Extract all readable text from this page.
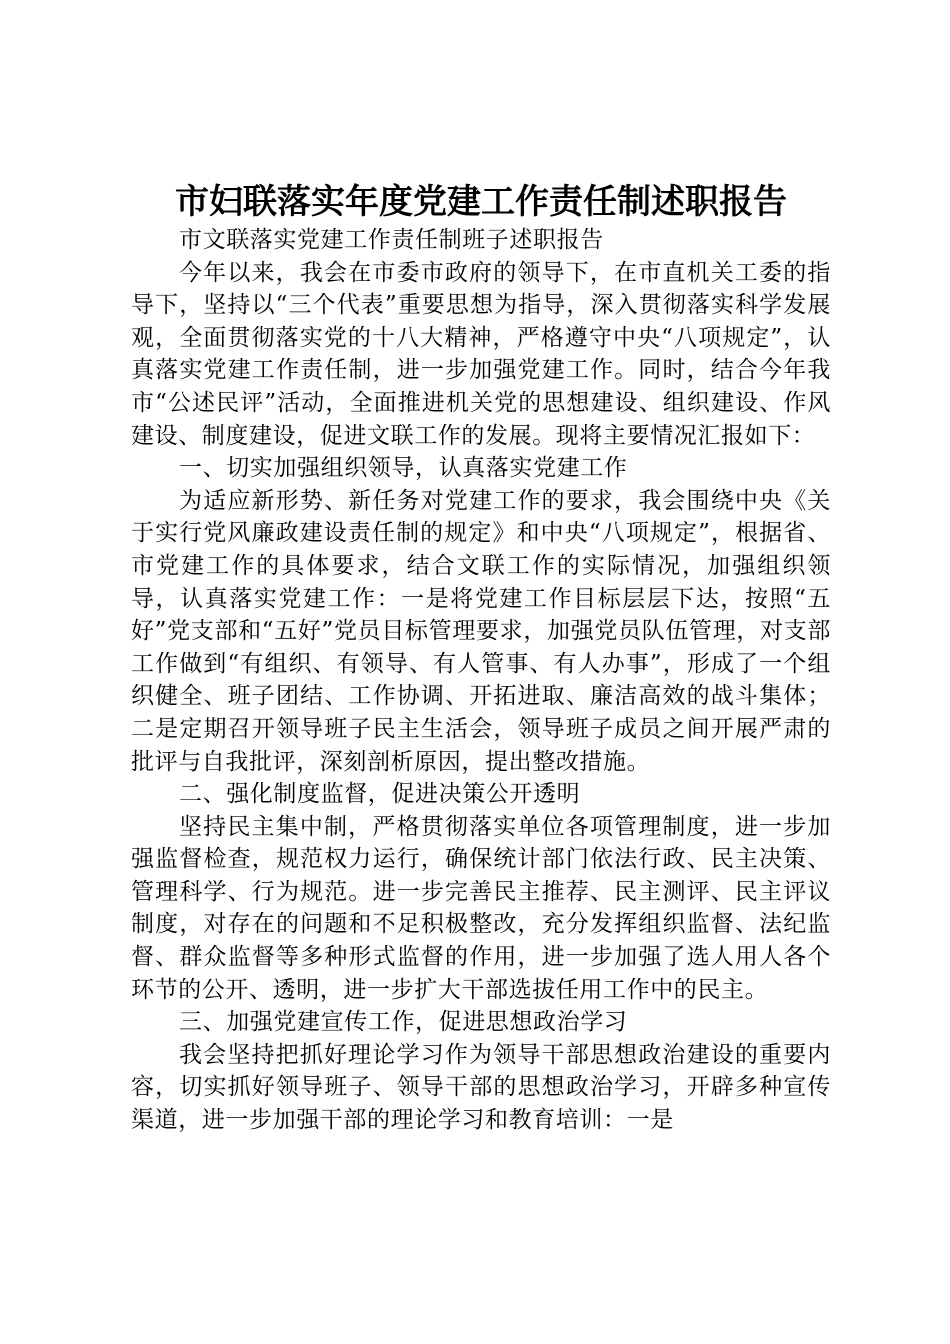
市妇联落实年度党建工作责任制述职报告

市文联落实党建工作责任制班子述职报告

今年以来，我会在市委市政府的领导下，在市直机关工委的指导下，坚持以“三个代表”重要思想为指导，深入贯彻落实科学发展观，全面贯彻落实党的十八大精神，严格遵守中央“八项规定”，认真落实党建工作责任制，进一步加强党建工作。同时，结合今年我市“公述民评”活动，全面推进机关党的思想建设、组织建设、作风建设、制度建设，促进文联工作的发展。现将主要情况汇报如下：

一、切实加强组织领导，认真落实党建工作

为适应新形势、新任务对党建工作的要求，我会围绕中央《关于实行党风廉政建设责任制的规定》和中央“八项规定”，根据省、市党建工作的具体要求，结合文联工作的实际情况，加强组织领导，认真落实党建工作：一是将党建工作目标层层下达，按照“五好”党支部和“五好”党员目标管理要求，加强党员队伍管理，对支部工作做到“有组织、有领导、有人管事、有人办事”，形成了一个组织健全、班子团结、工作协调、开拓进取、廉洁高效的战斗集体；二是定期召开领导班子民主生活会，领导班子成员之间开展严肃的批评与自我批评，深刻剖析原因，提出整改措施。

二、强化制度监督，促进决策公开透明

坚持民主集中制，严格贯彻落实单位各项管理制度，进一步加强监督检查，规范权力运行，确保统计部门依法行政、民主决策、管理科学、行为规范。进一步完善民主推荐、民主测评、民主评议制度，对存在的问题和不足积极整改，充分发挥组织监督、法纪监督、群众监督等多种形式监督的作用，进一步加强了选人用人各个环节的公开、透明，进一步扩大干部选拔任用工作中的民主。

三、加强党建宣传工作，促进思想政治学习

我会坚持把抓好理论学习作为领导干部思想政治建设的重要内容，切实抓好领导班子、领导干部的思想政治学习，开辟多种宣传渠道，进一步加强干部的理论学习和教育培训：一是
